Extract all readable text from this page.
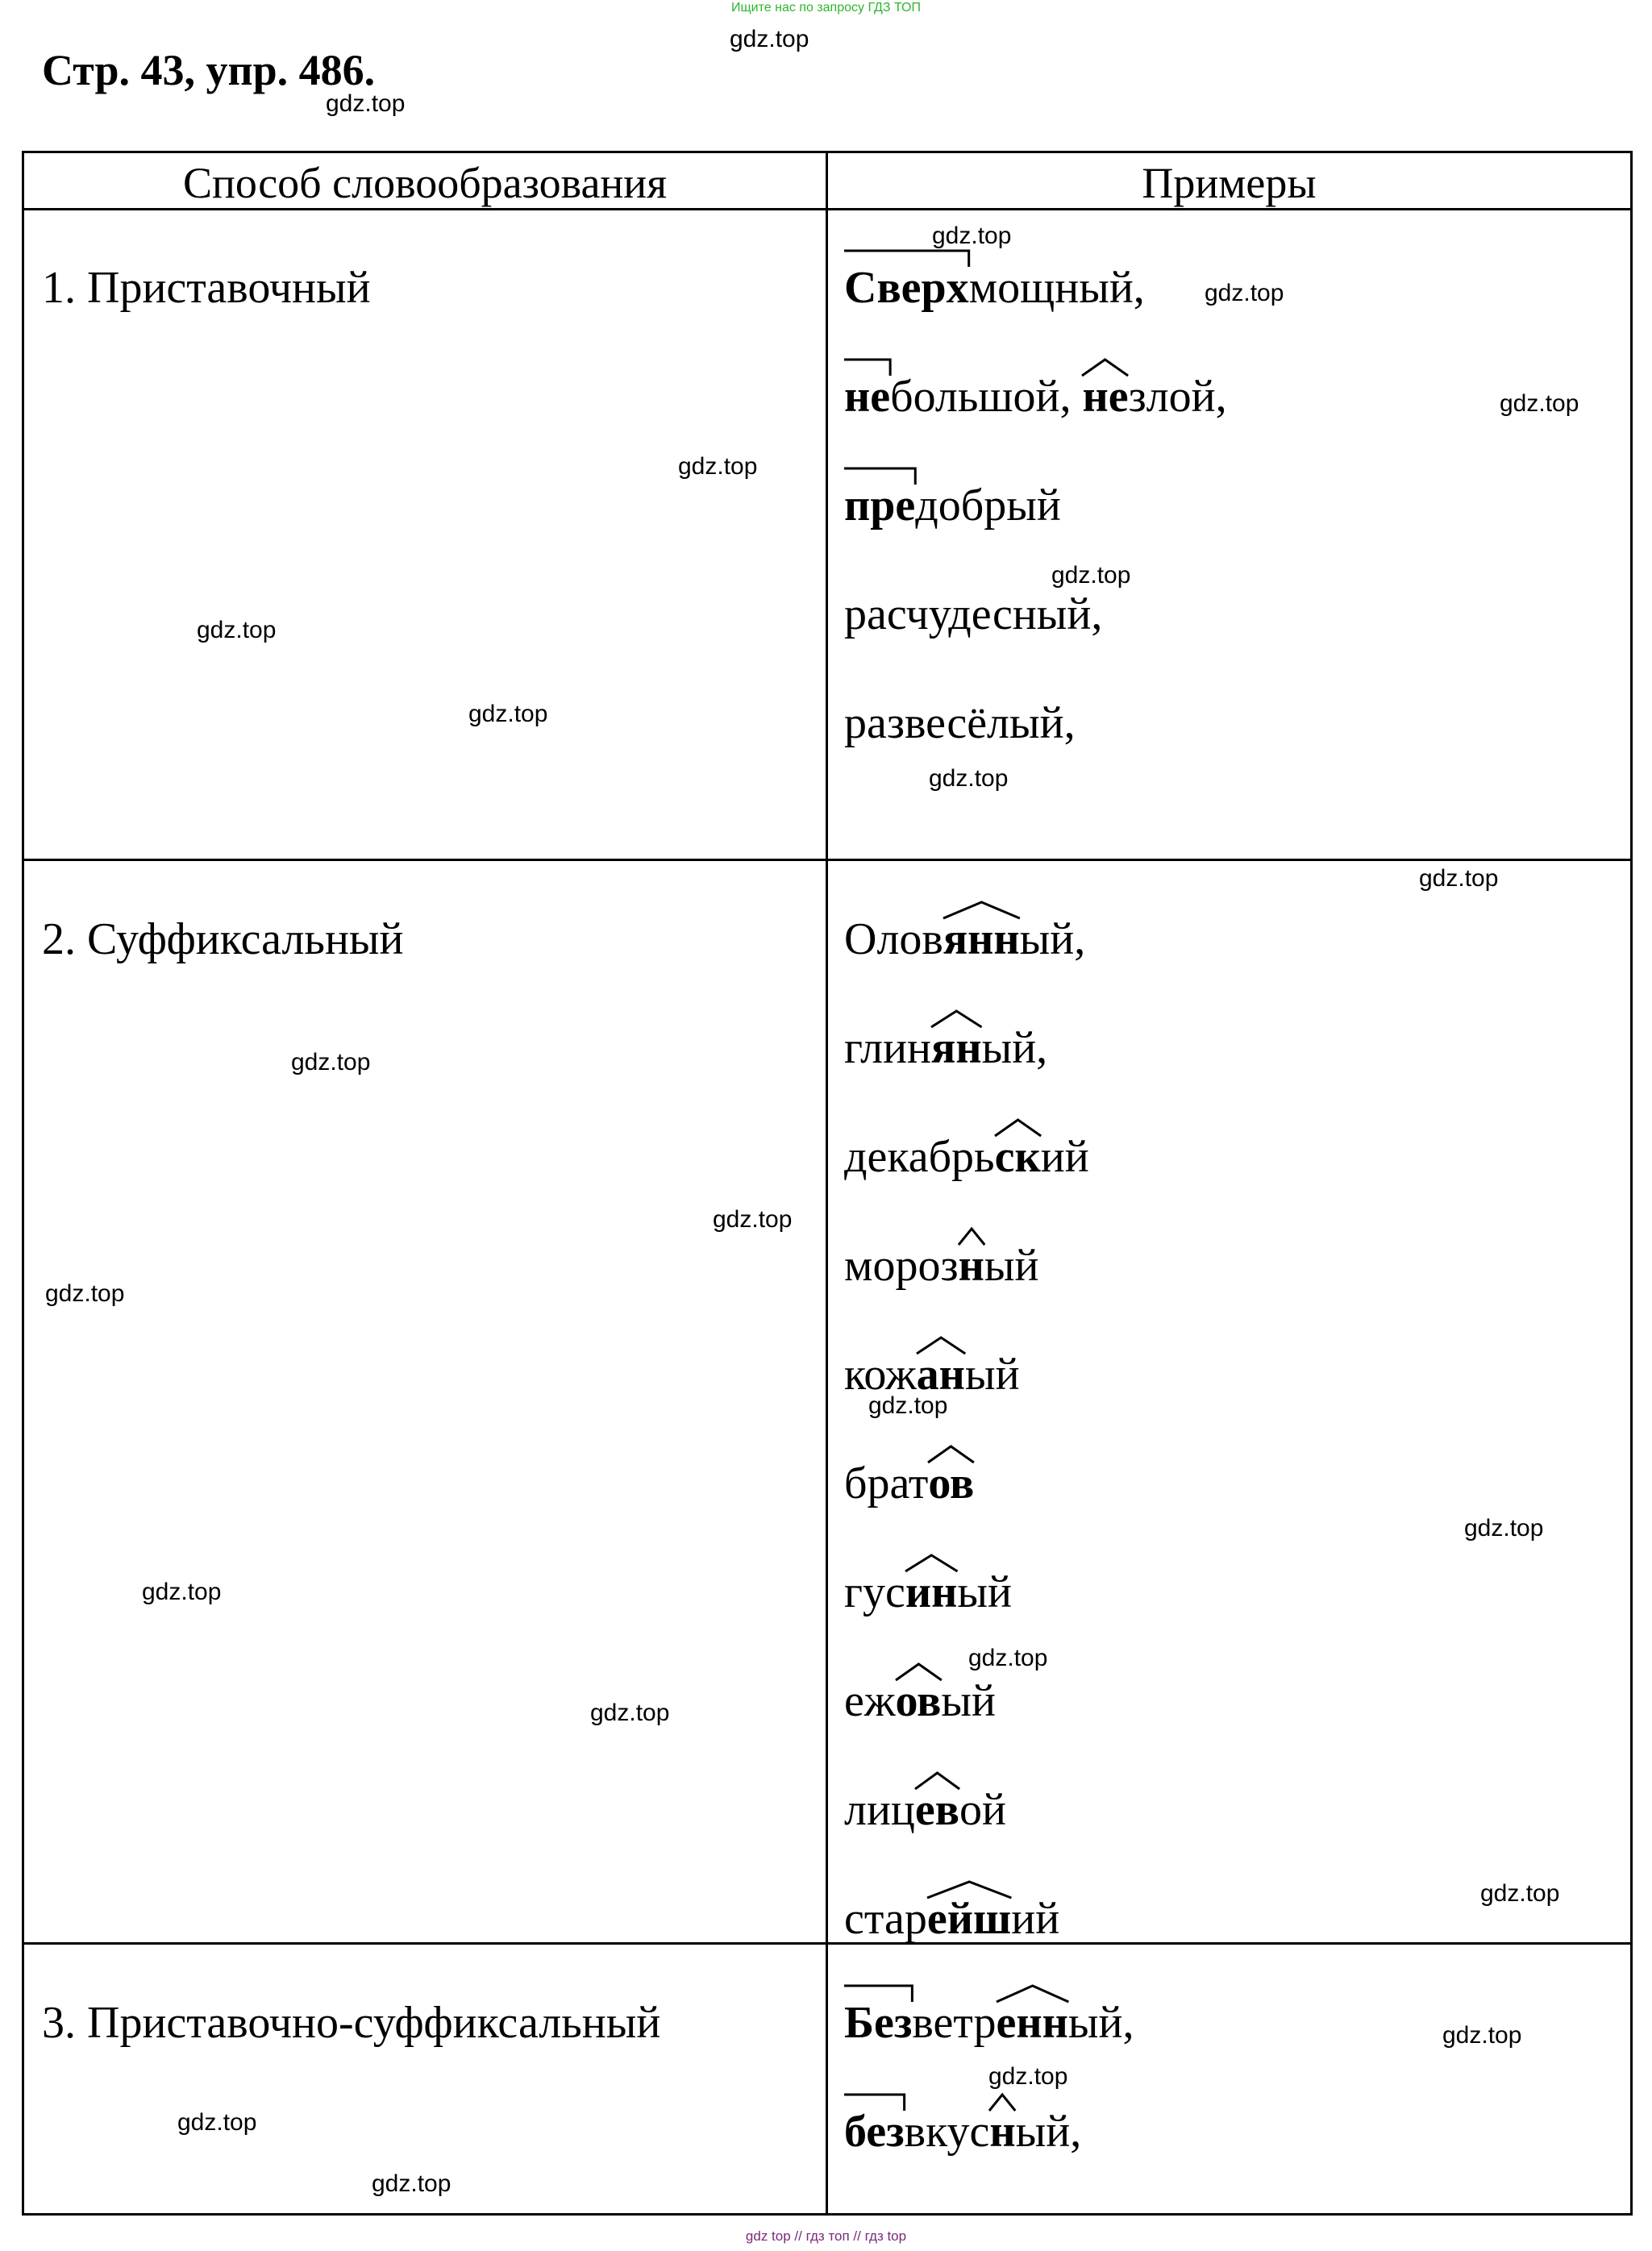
Ищите нас по запросу ГДЗ ТОП
Стр. 43, упр. 486.
Способ словообразования	Примеры
1. Приставочный
2. Суффиксальный
3. Приставочно-суффиксальный
Сверхмощный,
небольшой, незлой,
предобрый
расчудесный,
развесёлый,
Оловянный,
глиняный,
декабрьский
морозный
кожаный
братов
гусиный
ежовый
лицевой
старейший
Безветренный,
безвкусный,
gdz.top
gdz.top
gdz.top
gdz.top
gdz.top
gdz.top
gdz.top
gdz.top
gdz.top
gdz.top
gdz.top
gdz.top
gdz.top
gdz.top
gdz.top
gdz.top
gdz.top
gdz.top
gdz.top
gdz.top
gdz.top
gdz.top
gdz.top
gdz.top
gdz top // гдз топ // гдз top
